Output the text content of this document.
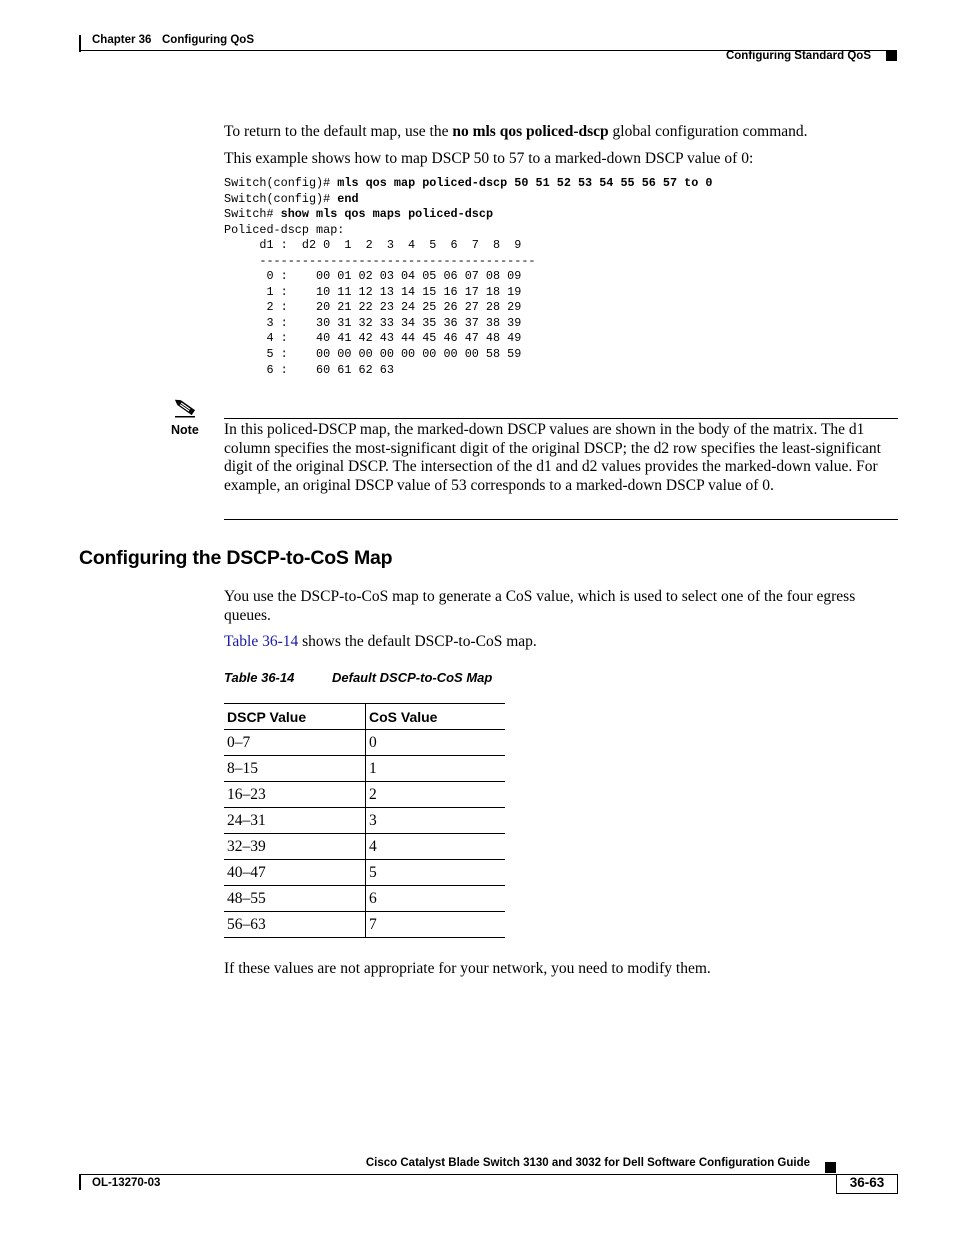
Chapter 36 Configuring QoS
Configuring Standard QoS
To return to the default map, use the no mls qos policed-dscp global configuration command.
This example shows how to map DSCP 50 to 57 to a marked-down DSCP value of 0:
Switch(config)# mls qos map policed-dscp 50 51 52 53 54 55 56 57 to 0
Switch(config)# end
Switch# show mls qos maps policed-dscp
Policed-dscp map:
d1 :  d2 0  1  2  3  4  5  6  7  8  9
---------------------------------------
0 :    00 01 02 03 04 05 06 07 08 09
1 :    10 11 12 13 14 15 16 17 18 19
2 :    20 21 22 23 24 25 26 27 28 29
3 :    30 31 32 33 34 35 36 37 38 39
4 :    40 41 42 43 44 45 46 47 48 49
5 :    00 00 00 00 00 00 00 00 58 59
6 :    60 61 62 63
Note In this policed-DSCP map, the marked-down DSCP values are shown in the body of the matrix. The d1 column specifies the most-significant digit of the original DSCP; the d2 row specifies the least-significant digit of the original DSCP. The intersection of the d1 and d2 values provides the marked-down value. For example, an original DSCP value of 53 corresponds to a marked-down DSCP value of 0.
Configuring the DSCP-to-CoS Map
You use the DSCP-to-CoS map to generate a CoS value, which is used to select one of the four egress queues.
Table 36-14 shows the default DSCP-to-CoS map.
Table 36-14	Default DSCP-to-CoS Map
DSCP Value	CoS Value
0–7	0
8–15	1
16–23	2
24–31	3
32–39	4
40–47	5
48–55	6
56–63	7
If these values are not appropriate for your network, you need to modify them.
Cisco Catalyst Blade Switch 3130 and 3032 for Dell Software Configuration Guide
OL-13270-03	36-63
